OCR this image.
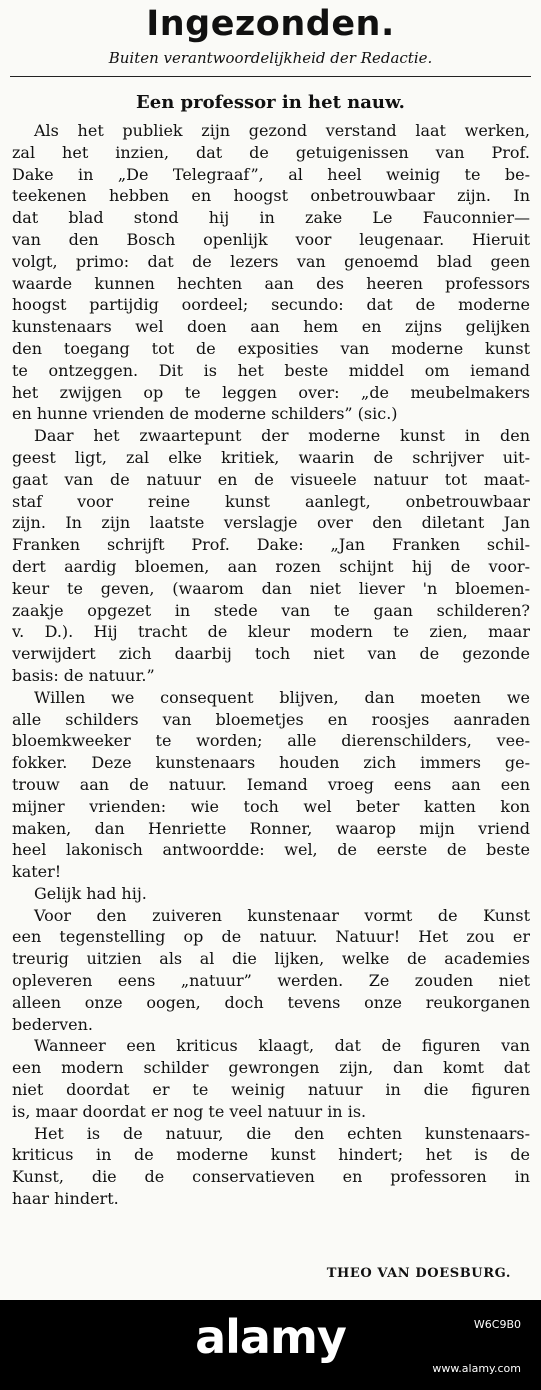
Ingezonden.
Buiten verantwoordelijkheid der Redactie.
Een professor in het nauw.
Als het publiek zijn gezond verstand laat werken,
zal het inzien, dat de getuigenissen van Prof.
Dake in „De Telegraaf”, al heel weinig te be-
teekenen hebben en hoogst onbetrouwbaar zijn. In
dat blad stond hij in zake Le Fauconnier—
van den Bosch openlijk voor leugenaar. Hieruit
volgt, primo: dat de lezers van genoemd blad geen
waarde kunnen hechten aan des heeren professors
hoogst partijdig oordeel; secundo: dat de moderne
kunstenaars wel doen aan hem en zijns gelijken
den toegang tot de exposities van moderne kunst
te ontzeggen. Dit is het beste middel om iemand
het zwijgen op te leggen over: „de meubelmakers
en hunne vrienden de moderne schilders” (sic.)
Daar het zwaartepunt der moderne kunst in den
geest ligt, zal elke kritiek, waarin de schrijver uit-
gaat van de natuur en de visueele natuur tot maat-
staf voor reine kunst aanlegt, onbetrouwbaar
zijn. In zijn laatste verslagje over den diletant Jan
Franken schrijft Prof. Dake: „Jan Franken schil-
dert aardig bloemen, aan rozen schijnt hij de voor-
keur te geven, (waarom dan niet liever 'n bloemen-
zaakje opgezet in stede van te gaan schilderen?
v. D.). Hij tracht de kleur modern te zien, maar
verwijdert zich daarbij toch niet van de gezonde
basis: de natuur.”
Willen we consequent blijven, dan moeten we
alle schilders van bloemetjes en roosjes aanraden
bloemkweeker te worden; alle dierenschilders, vee-
fokker. Deze kunstenaars houden zich immers ge-
trouw aan de natuur. Iemand vroeg eens aan een
mijner vrienden: wie toch wel beter katten kon
maken, dan Henriette Ronner, waarop mijn vriend
heel lakonisch antwoordde: wel, de eerste de beste
kater!
Gelijk had hij.
Voor den zuiveren kunstenaar vormt de Kunst
een tegenstelling op de natuur. Natuur! Het zou er
treurig uitzien als al die lijken, welke de academies
opleveren eens „natuur” werden. Ze zouden niet
alleen onze oogen, doch tevens onze reukorganen
bederven.
Wanneer een kriticus klaagt, dat de figuren van
een modern schilder gewrongen zijn, dan komt dat
niet doordat er te weinig natuur in die figuren
is, maar doordat er nog te veel natuur in is.
Het is de natuur, die den echten kunstenaars-
kriticus in de moderne kunst hindert; het is de
Kunst, die de conservatieven en professoren in
haar hindert.
THEO VAN DOESBURG.
alamy	W6C9B0
www.alamy.com
